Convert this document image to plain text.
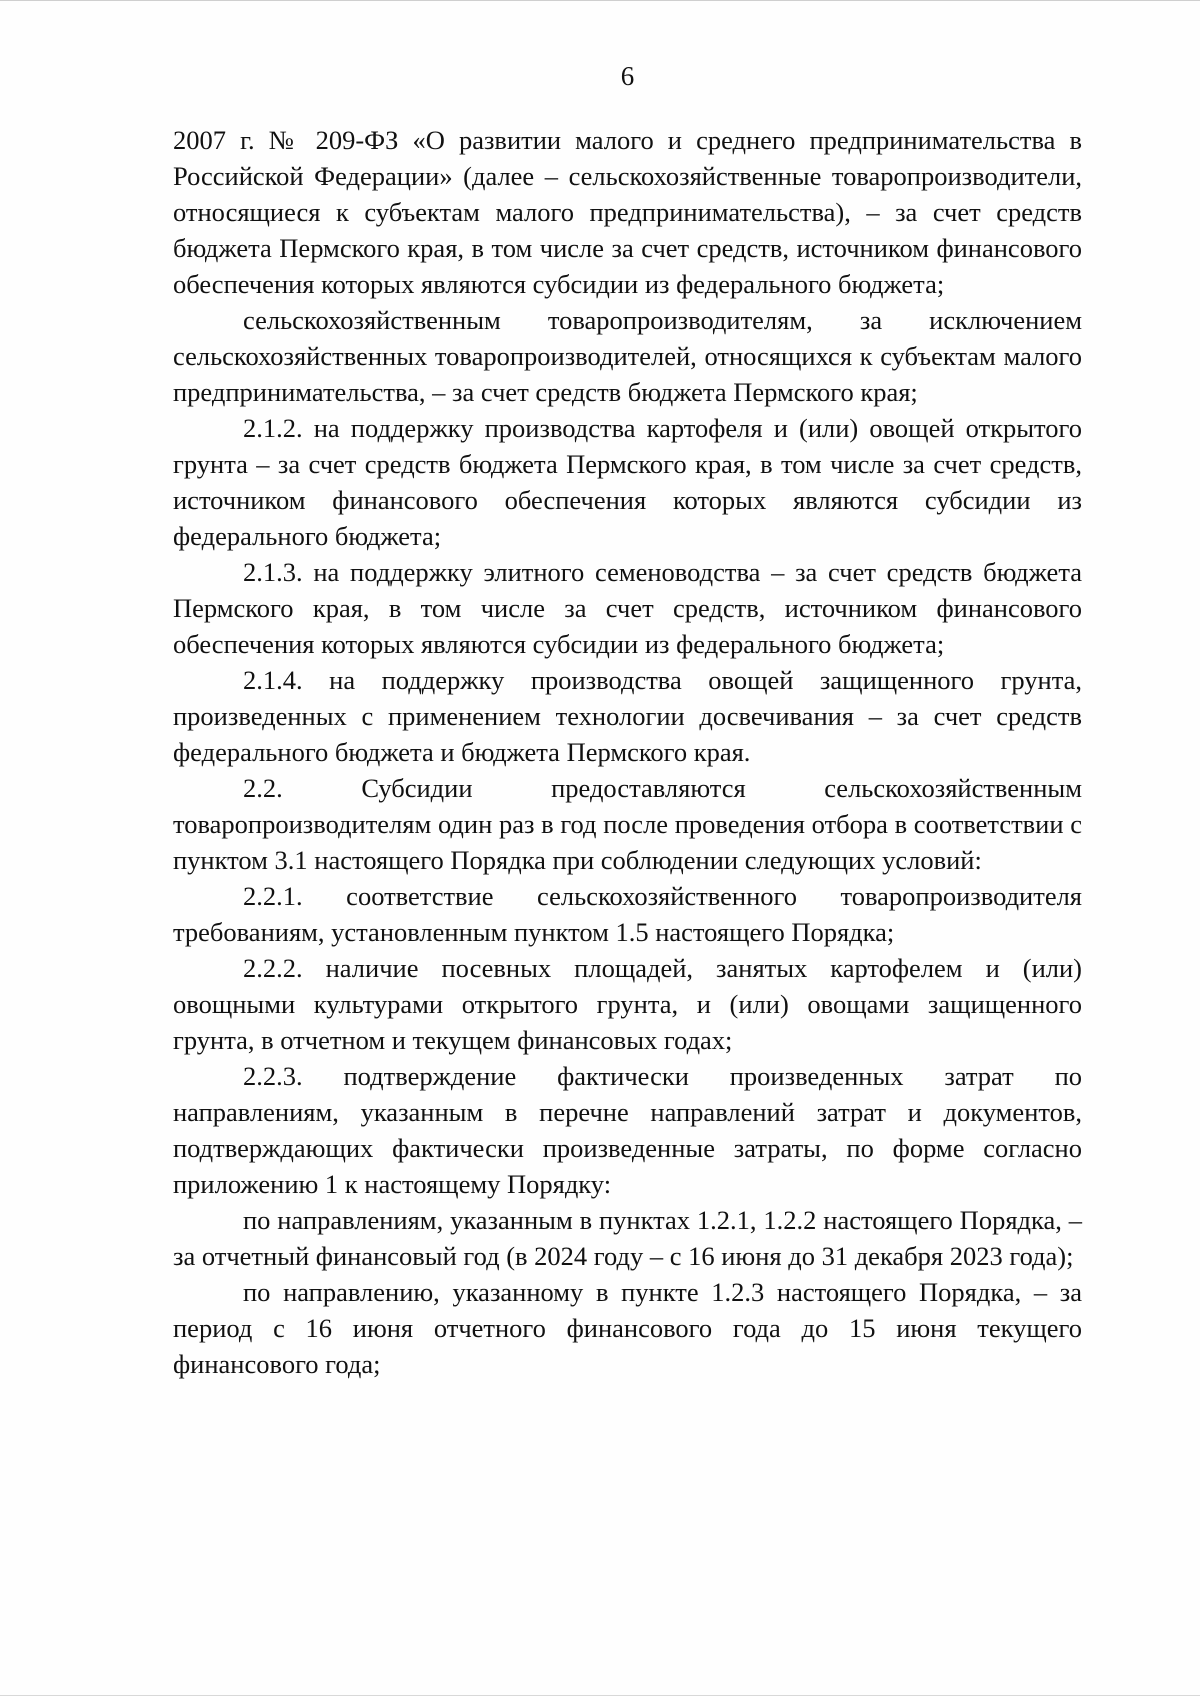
6

2007 г. № 209-ФЗ «О развитии малого и среднего предпринимательства в Российской Федерации» (далее – сельскохозяйственные товаропроизводители, относящиеся к субъектам малого предпринимательства), – за счет средств бюджета Пермского края, в том числе за счет средств, источником финансового обеспечения которых являются субсидии из федерального бюджета;

сельскохозяйственным товаропроизводителям, за исключением сельскохозяйственных товаропроизводителей, относящихся к субъектам малого предпринимательства, – за счет средств бюджета Пермского края;

2.1.2. на поддержку производства картофеля и (или) овощей открытого грунта – за счет средств бюджета Пермского края, в том числе за счет средств, источником финансового обеспечения которых являются субсидии из федерального бюджета;

2.1.3. на поддержку элитного семеноводства – за счет средств бюджета Пермского края, в том числе за счет средств, источником финансового обеспечения которых являются субсидии из федерального бюджета;

2.1.4. на поддержку производства овощей защищенного грунта, произведенных с применением технологии досвечивания – за счет средств федерального бюджета и бюджета Пермского края.

2.2. Субсидии предоставляются сельскохозяйственным товаропроизводителям один раз в год после проведения отбора в соответствии с пунктом 3.1 настоящего Порядка при соблюдении следующих условий:

2.2.1. соответствие сельскохозяйственного товаропроизводителя требованиям, установленным пунктом 1.5 настоящего Порядка;

2.2.2. наличие посевных площадей, занятых картофелем и (или) овощными культурами открытого грунта, и (или) овощами защищенного грунта, в отчетном и текущем финансовых годах;

2.2.3. подтверждение фактически произведенных затрат по направлениям, указанным в перечне направлений затрат и документов, подтверждающих фактически произведенные затраты, по форме согласно приложению 1 к настоящему Порядку:

по направлениям, указанным в пунктах 1.2.1, 1.2.2 настоящего Порядка, – за отчетный финансовый год (в 2024 году – с 16 июня до 31 декабря 2023 года);

по направлению, указанному в пункте 1.2.3 настоящего Порядка, – за период с 16 июня отчетного финансового года до 15 июня текущего финансового года;
